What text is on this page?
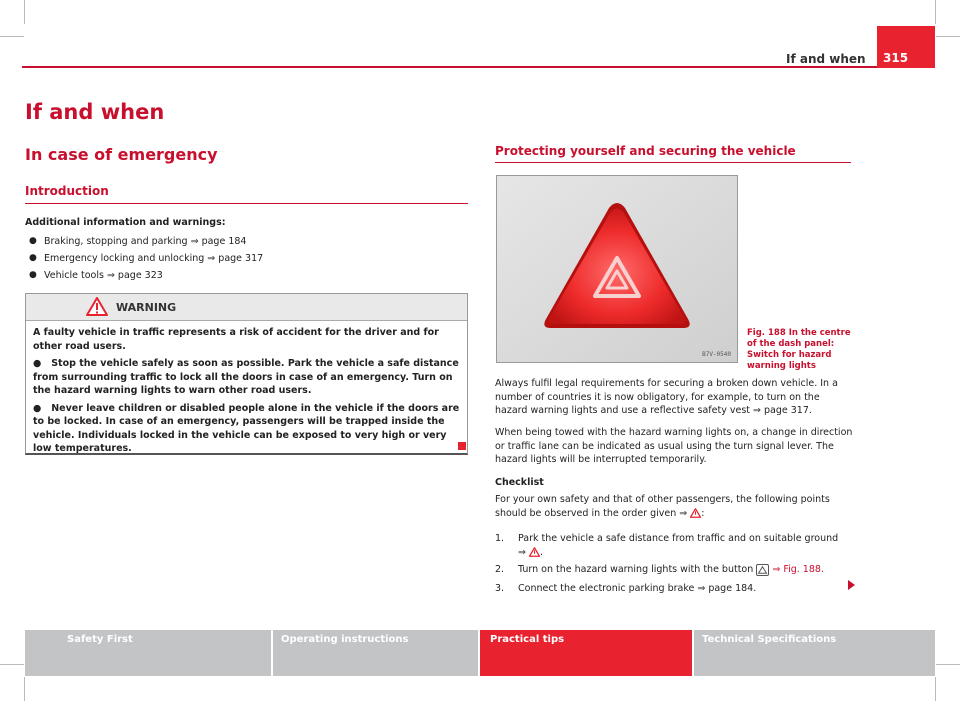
If and when	315
If and when
In case of emergency
Introduction
Additional information and warnings:
● Braking, stopping and parking ⇒ page 184
● Emergency locking and unlocking ⇒ page 317
● Vehicle tools ⇒ page 323
WARNING

A faulty vehicle in traffic represents a risk of accident for the driver and for other road users.

●   Stop the vehicle safely as soon as possible. Park the vehicle a safe distance from surrounding traffic to lock all the doors in case of an emergency. Turn on the hazard warning lights to warn other road users.

●   Never leave children or disabled people alone in the vehicle if the doors are to be locked. In case of an emergency, passengers will be trapped inside the vehicle. Individuals locked in the vehicle can be exposed to very high or very low temperatures.

Protecting yourself and securing the vehicle
B7V-0540
Fig. 188 In the centre of the dash panel: Switch for hazard warning lights
Always fulfil legal requirements for securing a broken down vehicle. In a number of countries it is now obligatory, for example, to turn on the hazard warning lights and use a reflective safety vest ⇒ page 317.
When being towed with the hazard warning lights on, a change in direction or traffic lane can be indicated as usual using the turn signal lever. The hazard lights will be interrupted temporarily.
Checklist
For your own safety and that of other passengers, the following points should be observed in the order given ⇒ :
1. Park the vehicle a safe distance from traffic and on suitable ground
⇒ .
2. Turn on the hazard warning lights with the button ⇒ Fig. 188.
3. Connect the electronic parking brake ⇒ page 184.
Safety First	Operating instructions	Practical tips	Technical Specifications
